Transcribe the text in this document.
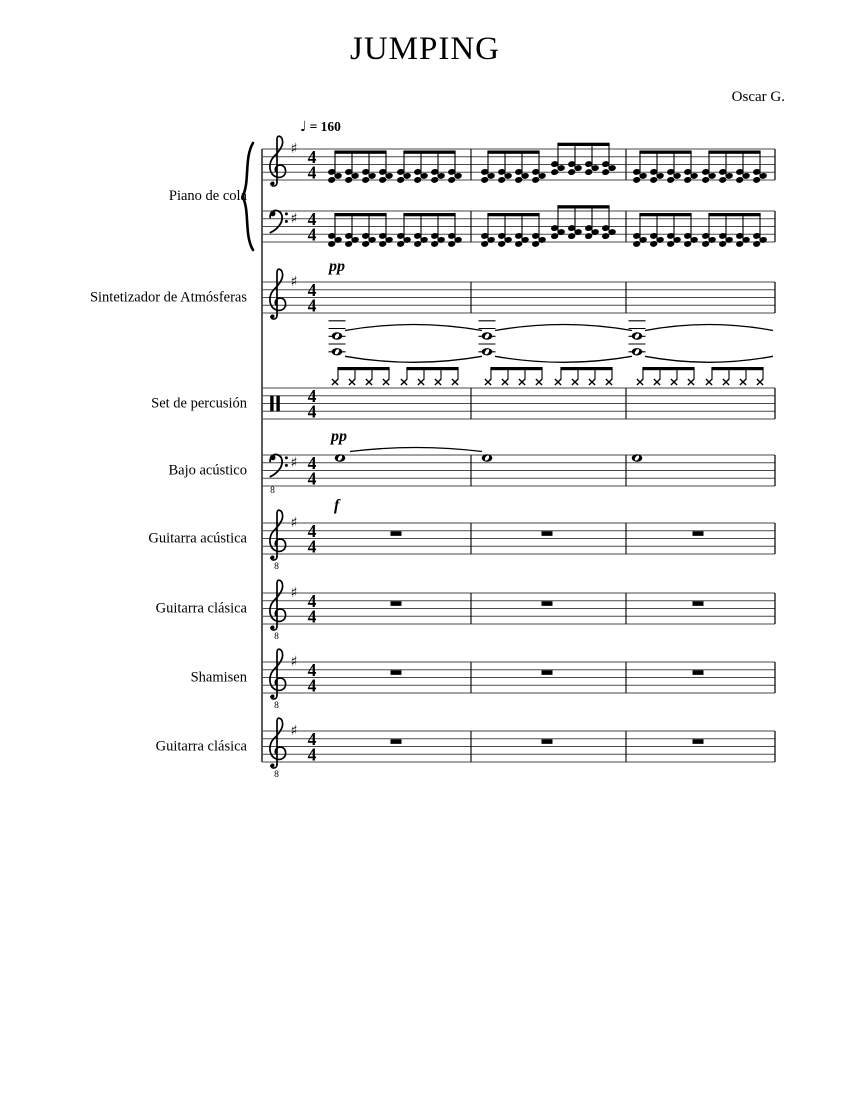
JUMPING
Oscar G.
♩ = 160
Piano de cola
♯ 4
4
♯ 4
4
Sintetizador de Atmósferas
♯ 4
4
pp
Set de percusión	4
4
Bajo acústico
8
♯ 4
4
pp
Guitarra acústica
8
♯ 4
4
f
Guitarra clásica
8
♯ 4
4
Shamisen
8
♯ 4
4
Guitarra clásica
8
♯ 4
4
